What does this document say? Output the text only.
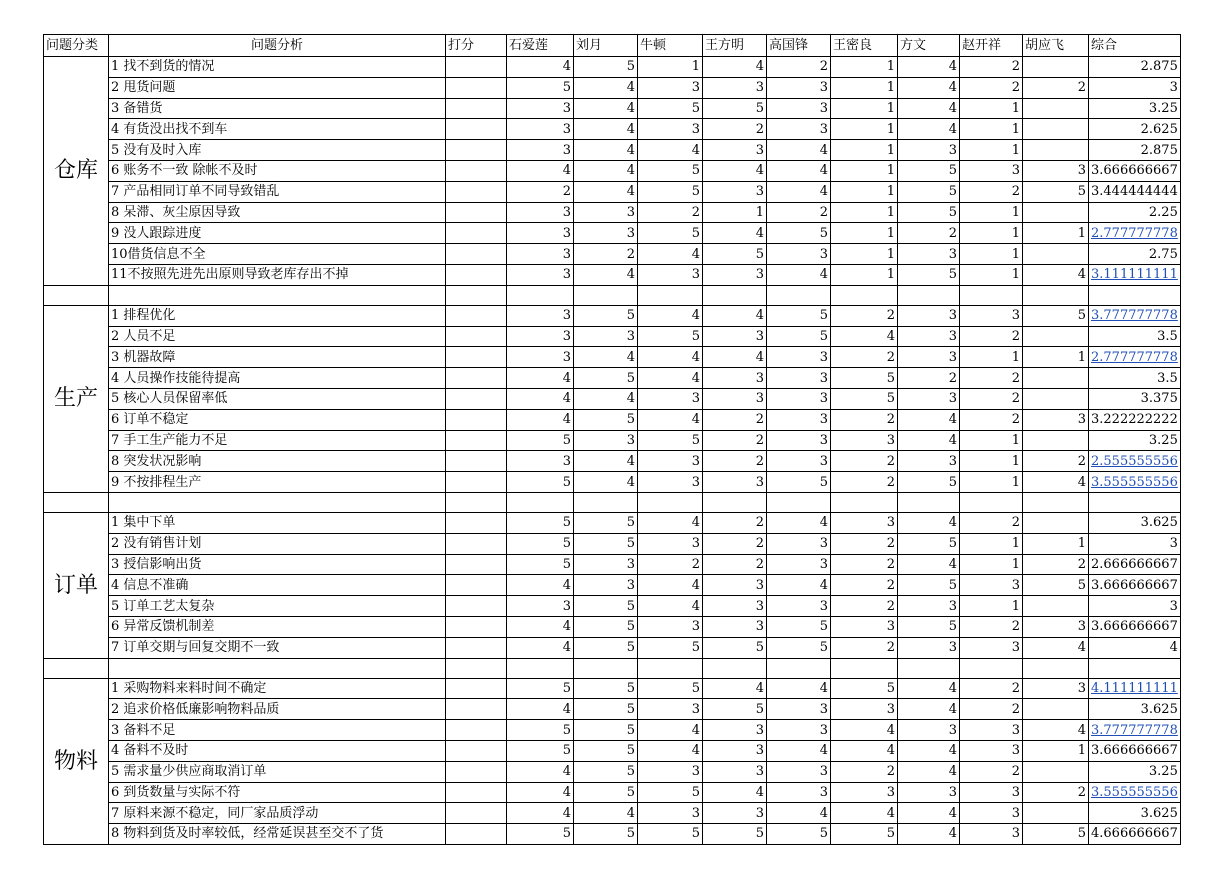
问题分类	问题分析	打分	石爱莲	刘月	牛顿	王方明	高国锋	王密良	方文	赵开祥	胡应飞	综合
仓库	1 找不到货的情况		4	5	1	4	2	1	4	2		2.875
	2 甩货问题		5	4	3	3	3	1	4	2	2	3
	3 备错货		3	4	5	5	3	1	4	1		3.25
	4 有货没出找不到车		3	4	3	2	3	1	4	1		2.625
	5 没有及时入库		3	4	4	3	4	1	3	1		2.875
	6 账务不一致 除帐不及时		4	4	5	4	4	1	5	3	3	3.666666667
	7 产品相同订单不同导致错乱		2	4	5	3	4	1	5	2	5	3.444444444
	8 呆滞、灰尘原因导致		3	3	2	1	2	1	5	1		2.25
	9 没人跟踪进度		3	3	5	4	5	1	2	1	1	2.777777778
	10借货信息不全		3	2	4	5	3	1	3	1		2.75
	11不按照先进先出原则导致老库存出不掉		3	4	3	3	4	1	5	1	4	3.111111111

生产	1 排程优化		3	5	4	4	5	2	3	3	5	3.777777778
	2 人员不足		3	3	5	3	5	4	3	2		3.5
	3 机器故障		3	4	4	4	3	2	3	1	1	2.777777778
	4 人员操作技能待提高		4	5	4	3	3	5	2	2		3.5
	5 核心人员保留率低		4	4	3	3	3	5	3	2		3.375
	6 订单不稳定		4	5	4	2	3	2	4	2	3	3.222222222
	7 手工生产能力不足		5	3	5	2	3	3	4	1		3.25
	8 突发状况影响		3	4	3	2	3	2	3	1	2	2.555555556
	9 不按排程生产		5	4	3	3	5	2	5	1	4	3.555555556

订单	1 集中下单		5	5	4	2	4	3	4	2		3.625
	2 没有销售计划		5	5	3	2	3	2	5	1	1	3
	3 授信影响出货		5	3	2	2	3	2	4	1	2	2.666666667
	4 信息不准确		4	3	4	3	4	2	5	3	5	3.666666667
	5 订单工艺太复杂		3	5	4	3	3	2	3	1		3
	6 异常反馈机制差		4	5	3	3	5	3	5	2	3	3.666666667
	7 订单交期与回复交期不一致		4	5	5	5	5	2	3	3	4	4

物料	1 采购物料来料时间不确定		5	5	5	4	4	5	4	2	3	4.111111111
	2 追求价格低廉影响物料品质		4	5	3	5	3	3	4	2		3.625
	3 备料不足		5	5	4	3	3	4	3	3	4	3.777777778
	4 备料不及时		5	5	4	3	4	4	4	3	1	3.666666667
	5 需求量少供应商取消订单		4	5	3	3	3	2	4	2		3.25
	6 到货数量与实际不符		4	5	5	4	3	3	3	3	2	3.555555556
	7 原料来源不稳定，同厂家品质浮动		4	4	3	3	4	4	4	3		3.625
	8 物料到货及时率较低，经常延误甚至交不了货		5	5	5	5	5	5	4	3	5	4.666666667
